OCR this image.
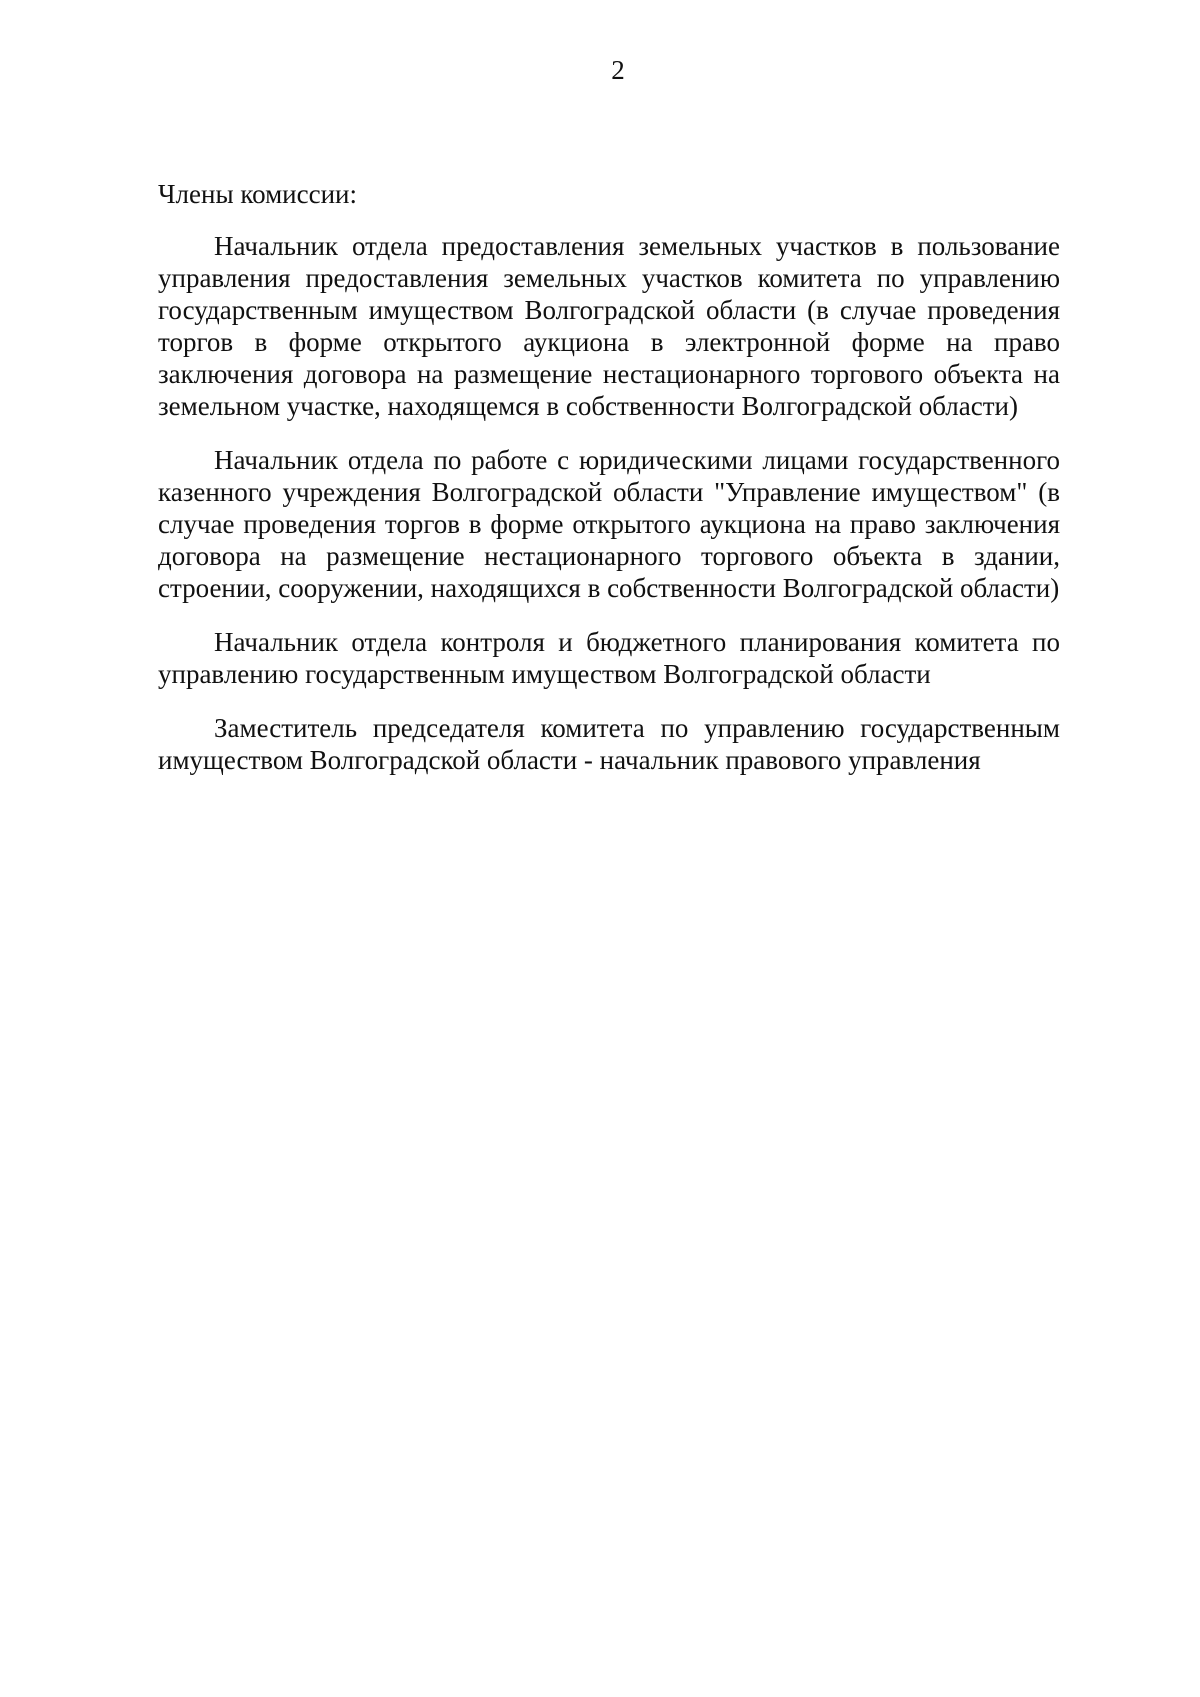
2

Члены комиссии:

Начальник отдела предоставления земельных участков в пользование управления предоставления земельных участков комитета по управлению государственным имуществом Волгоградской области (в случае проведения торгов в форме открытого аукциона в электронной форме на право заключения договора на размещение нестационарного торгового объекта на земельном участке, находящемся в собственности Волгоградской области)

Начальник отдела по работе с юридическими лицами государственного казенного учреждения Волгоградской области "Управление имуществом" (в случае проведения торгов в форме открытого аукциона на право заключения договора на размещение нестационарного торгового объекта в здании, строении, сооружении, находящихся в собственности Волгоградской области)

Начальник отдела контроля и бюджетного планирования комитета по управлению государственным имуществом Волгоградской области

Заместитель председателя комитета по управлению государственным имуществом Волгоградской области - начальник правового управления
